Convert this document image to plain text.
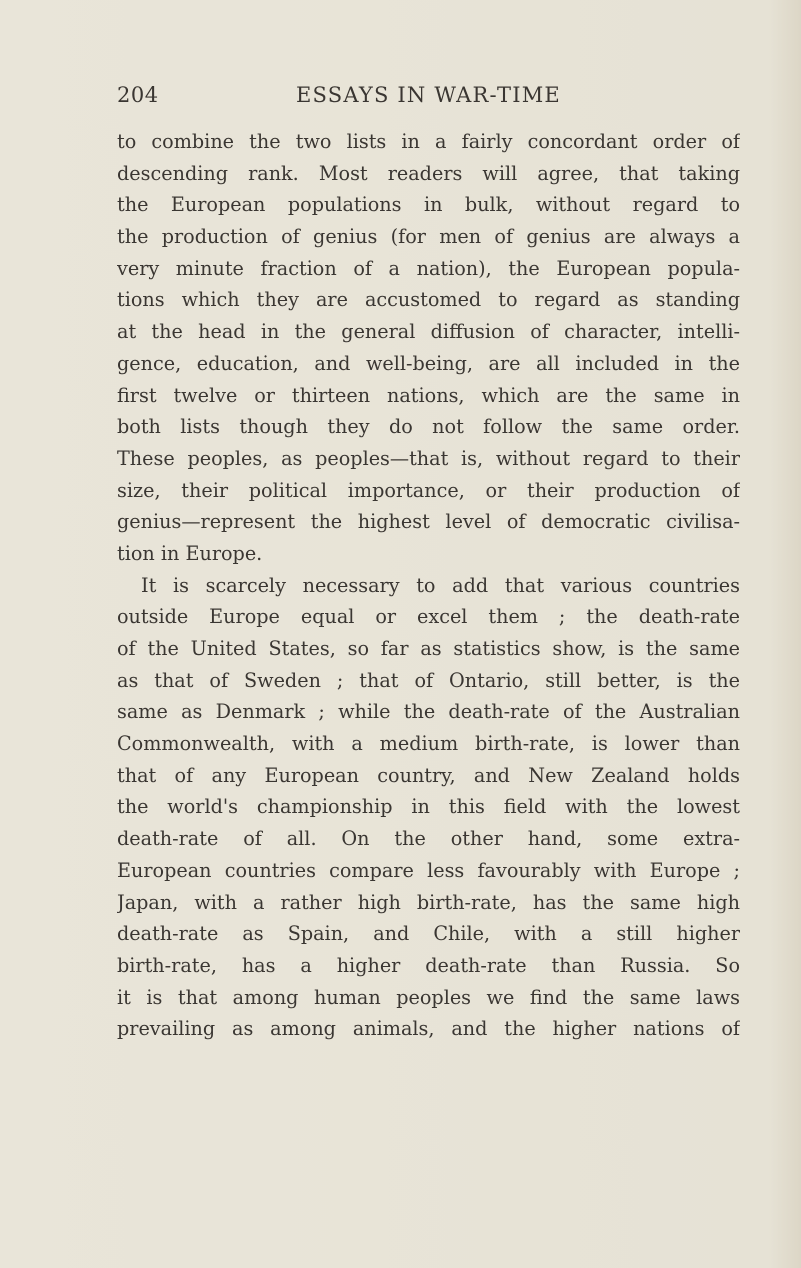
204	ESSAYS IN WAR-TIME
to combine the two lists in a fairly concordant order of
descending rank. Most readers will agree, that taking
the European populations in bulk, without regard to
the production of genius (for men of genius are always a
very minute fraction of a nation), the European popula-
tions which they are accustomed to regard as standing
at the head in the general diffusion of character, intelli-
gence, education, and well-being, are all included in the
first twelve or thirteen nations, which are the same in
both lists though they do not follow the same order.
These peoples, as peoples—that is, without regard to their
size, their political importance, or their production of
genius—represent the highest level of democratic civilisa-
tion in Europe.
It is scarcely necessary to add that various countries
outside Europe equal or excel them ; the death-rate
of the United States, so far as statistics show, is the same
as that of Sweden ; that of Ontario, still better, is the
same as Denmark ; while the death-rate of the Australian
Commonwealth, with a medium birth-rate, is lower than
that of any European country, and New Zealand holds
the world's championship in this field with the lowest
death-rate of all. On the other hand, some extra-
European countries compare less favourably with Europe ;
Japan, with a rather high birth-rate, has the same high
death-rate as Spain, and Chile, with a still higher
birth-rate, has a higher death-rate than Russia. So
it is that among human peoples we find the same laws
prevailing as among animals, and the higher nations of
